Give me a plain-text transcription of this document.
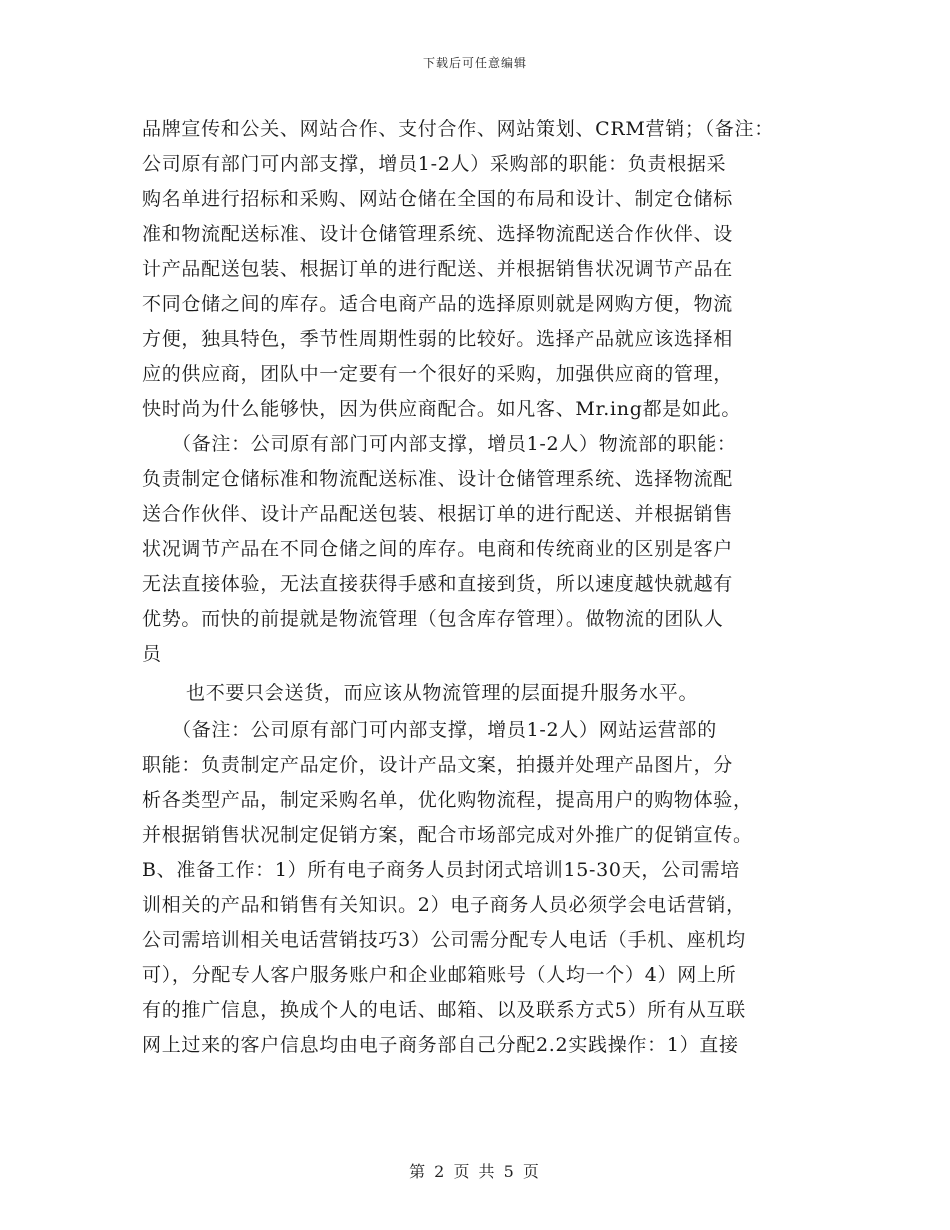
下载后可任意编辑
品牌宣传和公关、网站合作、支付合作、网站策划、CRM营销；（备注：
公司原有部门可内部支撑，增员1-2人）采购部的职能：负责根据采
购名单进行招标和采购、网站仓储在全国的布局和设计、制定仓储标
准和物流配送标准、设计仓储管理系统、选择物流配送合作伙伴、设
计产品配送包装、根据订单的进行配送、并根据销售状况调节产品在
不同仓储之间的库存。适合电商产品的选择原则就是网购方便，物流
方便，独具特色，季节性周期性弱的比较好。选择产品就应该选择相
应的供应商，团队中一定要有一个很好的采购，加强供应商的管理，
快时尚为什么能够快，因为供应商配合。如凡客、Mr.ing都是如此。
（备注：公司原有部门可内部支撑，增员1-2人）物流部的职能：
负责制定仓储标准和物流配送标准、设计仓储管理系统、选择物流配
送合作伙伴、设计产品配送包装、根据订单的进行配送、并根据销售
状况调节产品在不同仓储之间的库存。电商和传统商业的区别是客户
无法直接体验，无法直接获得手感和直接到货，所以速度越快就越有
优势。而快的前提就是物流管理（包含库存管理）。做物流的团队人
员
也不要只会送货，而应该从物流管理的层面提升服务水平。
（备注：公司原有部门可内部支撑，增员1-2人）网站运营部的
职能：负责制定产品定价，设计产品文案，拍摄并处理产品图片，分
析各类型产品，制定采购名单，优化购物流程，提高用户的购物体验，
并根据销售状况制定促销方案，配合市场部完成对外推广的促销宣传。
B、准备工作：1）所有电子商务人员封闭式培训15-30天，公司需培
训相关的产品和销售有关知识。2）电子商务人员必须学会电话营销，
公司需培训相关电话营销技巧3）公司需分配专人电话（手机、座机均
可），分配专人客户服务账户和企业邮箱账号（人均一个）4）网上所
有的推广信息，换成个人的电话、邮箱、以及联系方式5）所有从互联
网上过来的客户信息均由电子商务部自己分配2.2实践操作：1）直接
第 2 页 共 5 页
